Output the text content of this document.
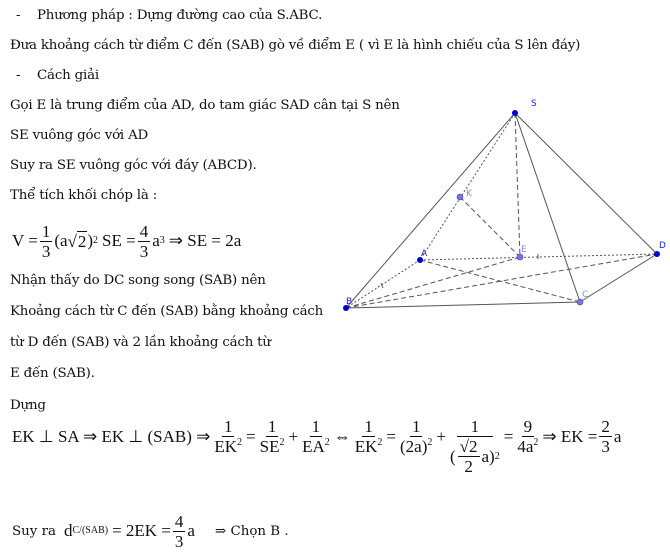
- Phương pháp : Dựng đường cao của S.ABC.
Đưa khoảng cách từ điểm C đến (SAB) gò về điểm E ( vì E là hình chiếu của S lên đáy)
- Cách giải
Gọi E là trung điểm của AD, do tam giác SAD cân tại S nên
SE vuông góc với AD
Suy ra SE vuông góc với đáy (ABCD).
Thể tích khối chóp là :
$V = \frac{1}{3} (a$ √ 2 ) 2 SE = $\frac{4}{3}$ a 3 ⇒ SE = 2a
Nhận thấy do DC song song (SAB) nên
Khoảng cách từ C đến (SAB) bằng khoảng cách
từ D đến (SAB) và 2 lần khoảng cách từ
E đến (SAB).
Dựng
EK ⊥ SA ⇒ EK ⊥ (SAB) ⇒ $\frac{1}{EK^2} = \frac{1}{SE^2} + \frac{1}{EA^2}$ ⇔ $\frac{1}{EK^2} = \frac{1}{(2a)^2} + \frac{1}{( \frac{√2}{2} a) 2} = \frac{9}{4a^2}$ ⇒ EK = $\frac{2}{3}$ a
Suy ra d $C/(SAB) = 2EK = \frac{4}{3}$ a ⇒ Chọn B .
S
K
A	E	D
B
C
